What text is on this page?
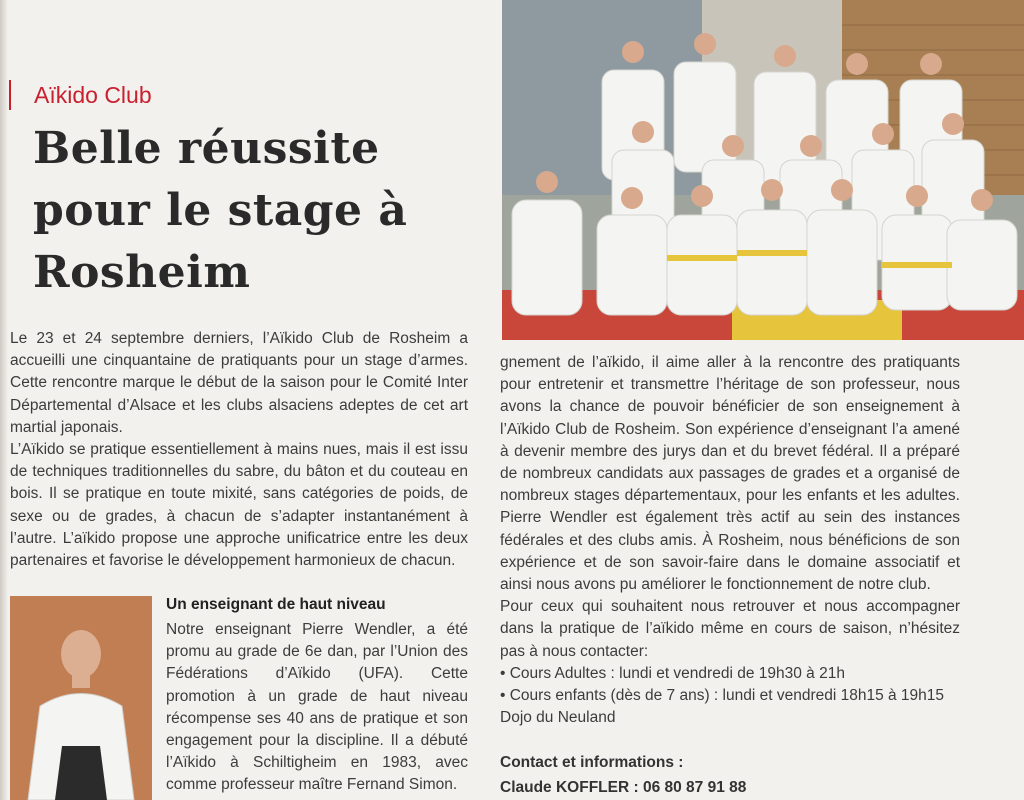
Aïkido Club
Belle réussite pour le stage à Rosheim

Le 23 et 24 septembre derniers, l’Aïkido Club de Rosheim a accueilli une cinquantaine de pratiquants pour un stage d’armes. Cette rencontre marque le début de la saison pour le Comité Inter Départemental d’Alsace et les clubs alsaciens adeptes de cet art martial japonais.

L’Aïkido se pratique essentiellement à mains nues, mais il est issu de techniques traditionnelles du sabre, du bâton et du couteau en bois. Il se pratique en toute mixité, sans catégories de poids, de sexe ou de grades, à chacun de s’adapter instantanément à l’autre. L’aïkido propose une approche unificatrice entre les deux partenaires et favorise le développement harmonieux de chacun.

Un enseignant de haut niveau
Notre enseignant Pierre Wendler, a été promu au grade de 6e dan, par l’Union des Fédérations d’Aïkido (UFA). Cette promotion à un grade de haut niveau récompense ses 40 ans de pratique et son engagement pour la discipline. Il a débuté l’Aïkido à Schiltigheim en 1983, avec comme professeur maître Fernand Simon.

gnement de l’aïkido, il aime aller à la rencontre des pratiquants pour entretenir et transmettre l’héritage de son professeur, nous avons la chance de pouvoir bénéficier de son enseignement à l’Aïkido Club de Rosheim. Son expérience d’enseignant l’a amené à devenir membre des jurys dan et du brevet fédéral. Il a préparé de nombreux candidats aux passages de grades et a organisé de nombreux stages départementaux, pour les enfants et les adultes. Pierre Wendler est également très actif au sein des instances fédérales et des clubs amis. À Rosheim, nous bénéficions de son expérience et de son savoir-faire dans le domaine associatif et ainsi nous avons pu améliorer le fonctionnement de notre club.

Pour ceux qui souhaitent nous retrouver et nous accompagner dans la pratique de l’aïkido même en cours de saison, n’hésitez pas à nous contacter:

• Cours Adultes : lundi et vendredi de 19h30 à 21h
• Cours enfants (dès de 7 ans) : lundi et vendredi 18h15 à 19h15

Dojo du Neuland

Contact et informations :
Claude KOFFLER : 06 80 87 91 88
